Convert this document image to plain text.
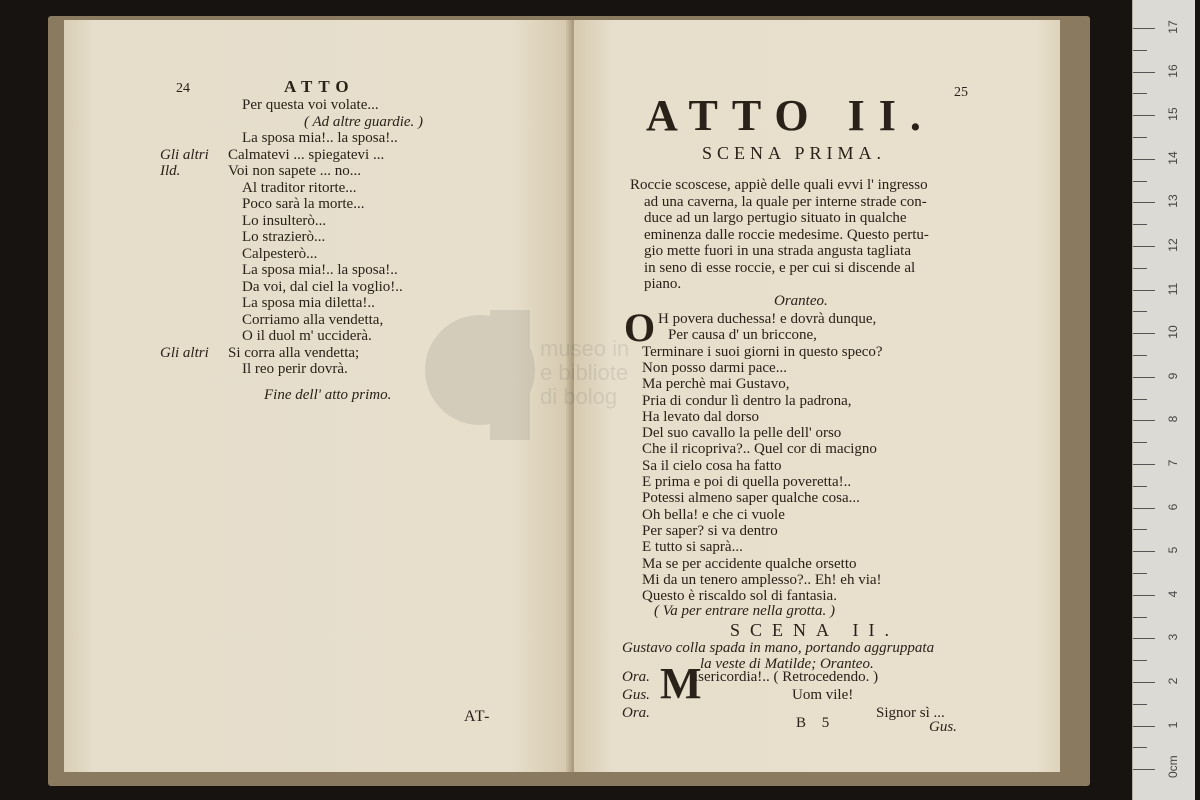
24	ATTO
Per questa voi volate...
( Ad altre guardie. )
La sposa mia!.. la sposa!..
Gli altri Calmatevi ... spiegatevi ...
Ild.	Voi non sapete ... no...
Al traditor ritorte...
Poco sarà la morte...
Lo insulterò...
Lo strazierò...
Calpesterò...
La sposa mia!.. la sposa!..
Da voi, dal ciel la voglio!..
La sposa mia diletta!..
Corriamo alla vendetta,
O il duol m' ucciderà.
Gli altri Si corra alla vendetta;
Il reo perir dovrà.
Fine dell' atto primo.
AT-
ATTO II. 25
SCENA PRIMA.
Roccie scoscese, appiè delle quali evvi l' ingresso
ad una caverna, la quale per interne strade con-
duce ad un largo pertugio situato in qualche
eminenza dalle roccie medesime. Questo pertu-
gio mette fuori in una strada angusta tagliata
in seno di esse roccie, e per cui si discende al
piano.
Oranteo.
O H povera duchessa! e dovrà dunque,
Per causa d' un briccone,
Terminare i suoi giorni in questo speco?
Non posso darmi pace...
Ma perchè mai Gustavo,
Pria di condur lì dentro la padrona,
Ha levato dal dorso
Del suo cavallo la pelle dell' orso
Che il ricopriva?.. Quel cor di macigno
Sa il cielo cosa ha fatto
E prima e poi di quella poveretta!..
Potessi almeno saper qualche cosa...
Oh bella! e che ci vuole
Per saper? si va dentro
E tutto si saprà...
Ma se per accidente qualche orsetto
Mi da un tenero amplesso?.. Eh! eh via!
Questo è riscaldo sol di fantasia.
( Va per entrare nella grotta. )
SCENA II.
Gustavo colla spada in mano, portando aggruppata
la veste di Matilde; Oranteo.
Ora.
Gus.
Ora.
M
isericordia!.. ( Retrocedendo. )
Uom vile!
Signor sì ...
B 5	Gus.
museo in
e bibliote
di bolog
17
16
15
14
13
12
11
10
9
8
7
6
5
4
3
2
1
0cm
